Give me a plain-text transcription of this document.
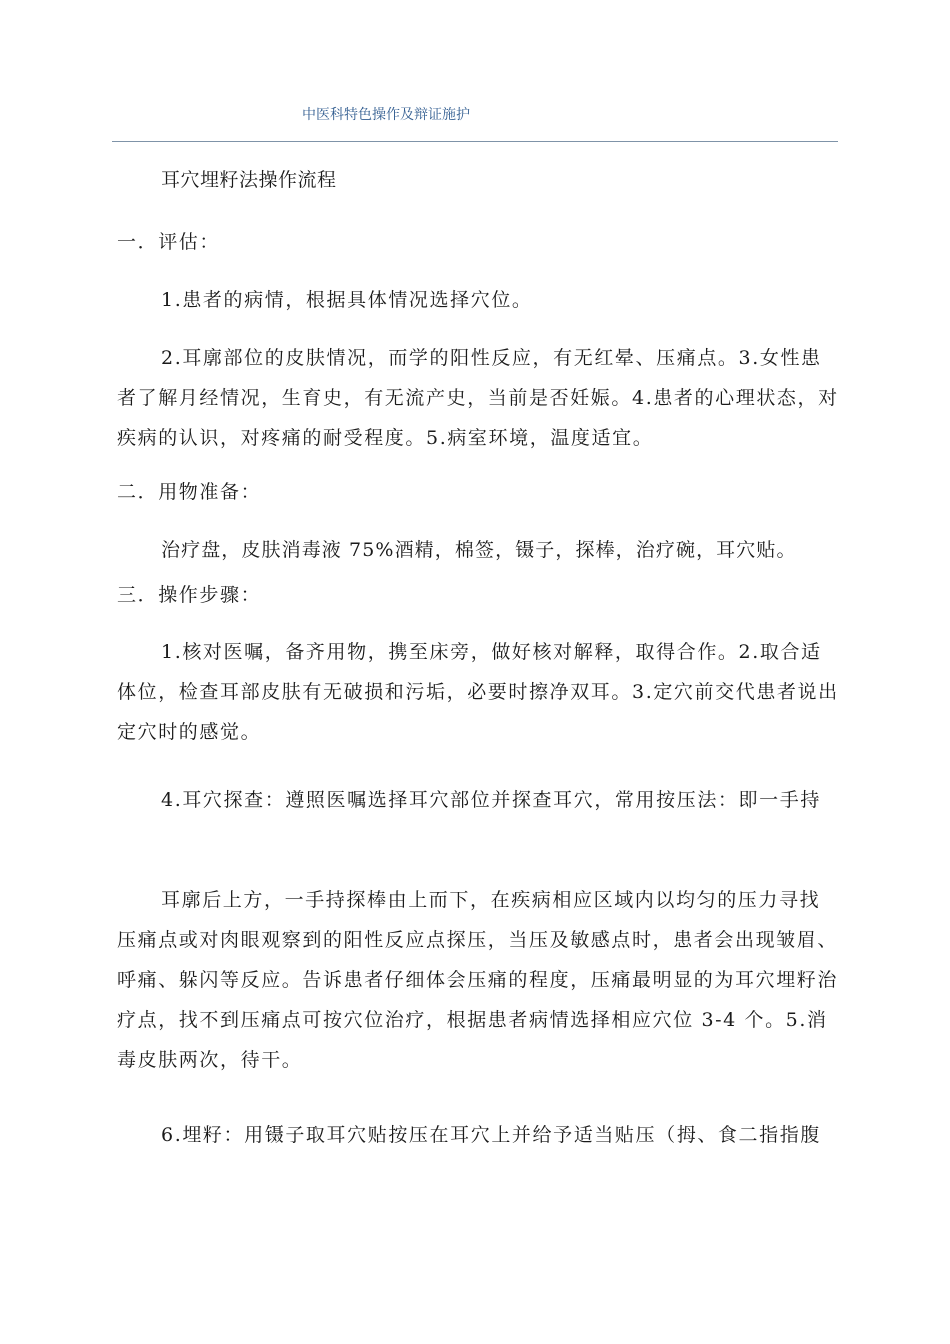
中医科特色操作及辩证施护

耳穴埋籽法操作流程

一．评估：

1.患者的病情，根据具体情况选择穴位。

2.耳廓部位的皮肤情况，而学的阳性反应，有无红晕、压痛点。3.女性患者了解月经情况，生育史，有无流产史，当前是否妊娠。4.患者的心理状态，对疾病的认识，对疼痛的耐受程度。5.病室环境，温度适宜。

二．用物准备：

治疗盘，皮肤消毒液 75%酒精，棉签，镊子，探棒，治疗碗，耳穴贴。

三．操作步骤：

1.核对医嘱，备齐用物，携至床旁，做好核对解释，取得合作。2.取合适体位，检查耳部皮肤有无破损和污垢，必要时擦净双耳。3.定穴前交代患者说出定穴时的感觉。

4.耳穴探查：遵照医嘱选择耳穴部位并探查耳穴，常用按压法：即一手持

耳廓后上方，一手持探棒由上而下，在疾病相应区域内以均匀的压力寻找压痛点或对肉眼观察到的阳性反应点探压，当压及敏感点时，患者会出现皱眉、呼痛、躲闪等反应。告诉患者仔细体会压痛的程度，压痛最明显的为耳穴埋籽治疗点，找不到压痛点可按穴位治疗，根据患者病情选择相应穴位 3-4 个。5.消毒皮肤两次，待干。

6.埋籽：用镊子取耳穴贴按压在耳穴上并给予适当贴压（拇、食二指指腹
